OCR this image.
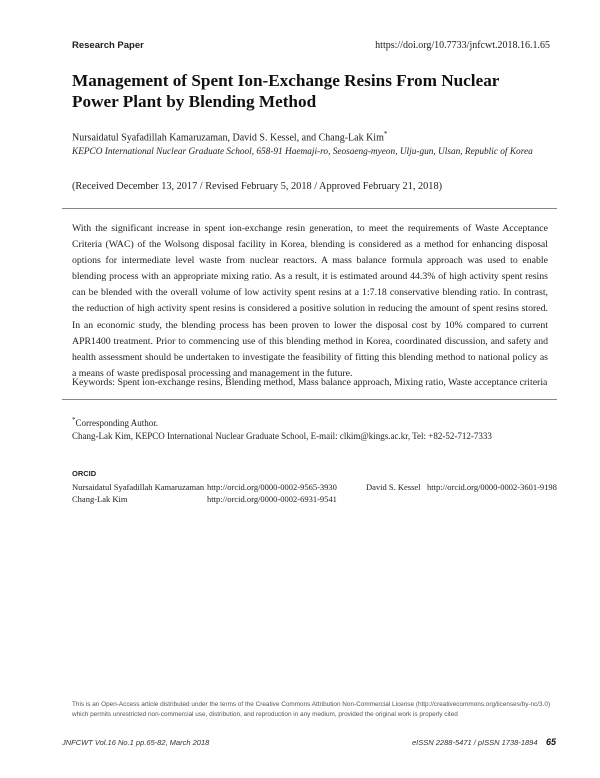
Research Paper	https://doi.org/10.7733/jnfcwt.2018.16.1.65
Management of Spent Ion-Exchange Resins From Nuclear Power Plant by Blending Method
Nursaidatul Syafadillah Kamaruzaman, David S. Kessel, and Chang-Lak Kim*
KEPCO International Nuclear Graduate School, 658-91 Haemaji-ro, Seosaeng-myeon, Ulju-gun, Ulsan, Republic of Korea
(Received December 13, 2017 / Revised February 5, 2018 / Approved February 21, 2018)
With the significant increase in spent ion-exchange resin generation, to meet the requirements of Waste Acceptance Criteria (WAC) of the Wolsong disposal facility in Korea, blending is considered as a method for enhancing disposal options for intermediate level waste from nuclear reactors. A mass balance formula approach was used to enable blending process with an appropriate mixing ratio. As a result, it is estimated around 44.3% of high activity spent resins can be blended with the overall volume of low activity spent resins at a 1:7.18 conservative blending ratio. In contrast, the reduction of high activity spent resins is considered a positive solution in reducing the amount of spent resins stored. In an economic study, the blending process has been proven to lower the disposal cost by 10% compared to current APR1400 treatment. Prior to commencing use of this blending method in Korea, coordinated discussion, and safety and health assessment should be undertaken to investigate the feasibility of fitting this blending method to national policy as a means of waste predisposal processing and management in the future.
Keywords: Spent ion-exchange resins, Blending method, Mass balance approach, Mixing ratio, Waste acceptance criteria
*Corresponding Author.
Chang-Lak Kim, KEPCO International Nuclear Graduate School, E-mail: clkim@kings.ac.kr, Tel: +82-52-712-7333
ORCID
Nursaidatul Syafadillah Kamaruzaman http://orcid.org/0000-0002-9565-3930	David S. Kessel http://orcid.org/0000-0002-3601-9198
Chang-Lak Kim	http://orcid.org/0000-0002-6931-9541
This is an Open-Access article distributed under the terms of the Creative Commons Attribution Non-Commercial License (http://creativecommons.org/licenses/by-nc/3.0) which permits unrestricted non-commercial use, distribution, and reproduction in any medium, provided the original work is properly cited
JNFCWT Vol.16 No.1 pp.65-82, March 2018	eISSN 2288-5471 / pISSN 1738-1894 65
